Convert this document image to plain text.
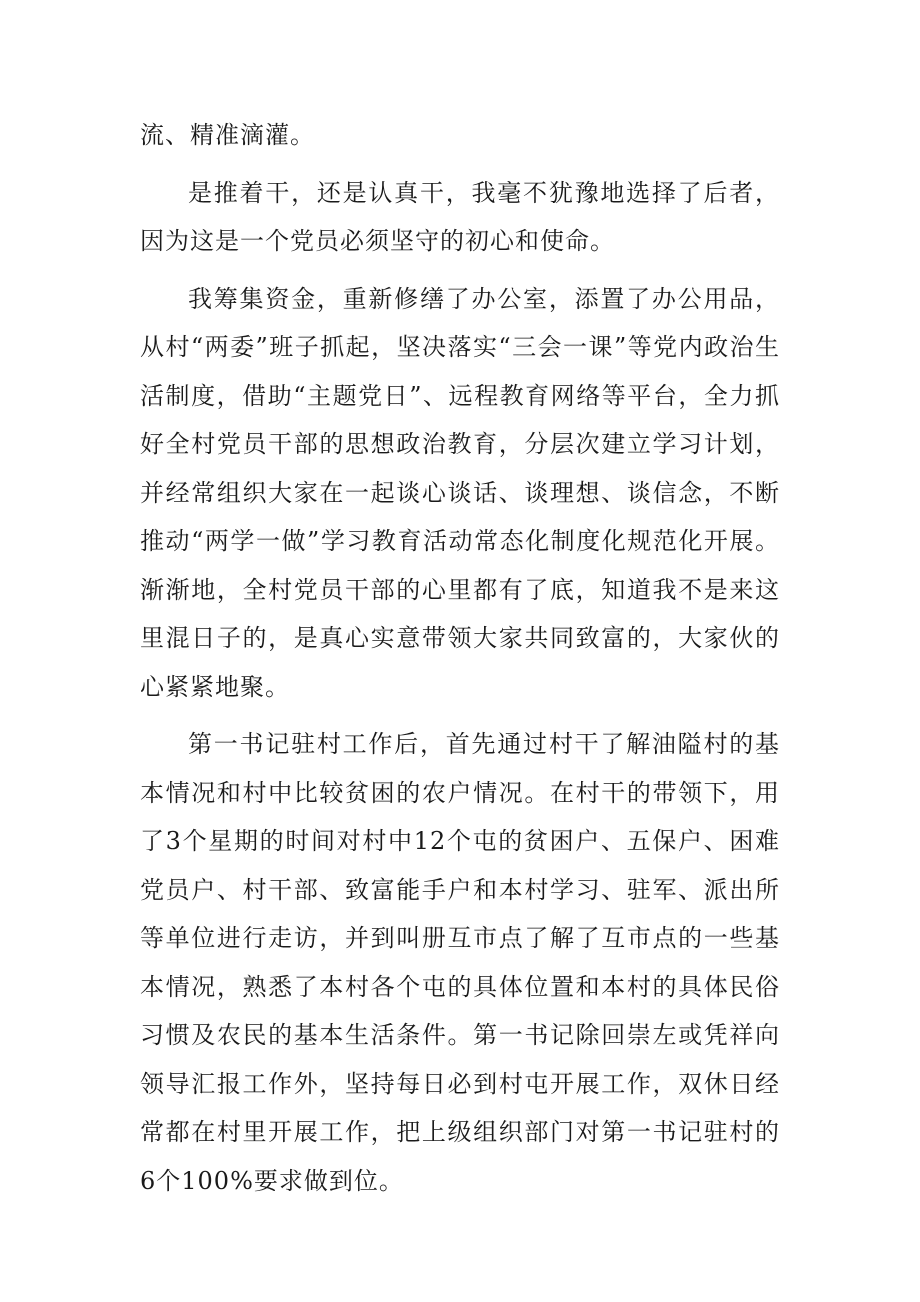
流、精准滴灌。

是推着干，还是认真干，我毫不犹豫地选择了后者，因为这是一个党员必须坚守的初心和使命。

我筹集资金，重新修缮了办公室，添置了办公用品，从村“两委”班子抓起，坚决落实“三会一课”等党内政治生活制度，借助“主题党日”、远程教育网络等平台，全力抓好全村党员干部的思想政治教育，分层次建立学习计划，并经常组织大家在一起谈心谈话、谈理想、谈信念，不断推动“两学一做”学习教育活动常态化制度化规范化开展。渐渐地，全村党员干部的心里都有了底，知道我不是来这里混日子的，是真心实意带领大家共同致富的，大家伙的心紧紧地聚。

第一书记驻村工作后，首先通过村干了解油隘村的基本情况和村中比较贫困的农户情况。在村干的带领下，用了3个星期的时间对村中12个屯的贫困户、五保户、困难党员户、村干部、致富能手户和本村学习、驻军、派出所等单位进行走访，并到叫册互市点了解了互市点的一些基本情况，熟悉了本村各个屯的具体位置和本村的具体民俗习惯及农民的基本生活条件。第一书记除回崇左或凭祥向领导汇报工作外，坚持每日必到村屯开展工作，双休日经常都在村里开展工作，把上级组织部门对第一书记驻村的6个100%要求做到位。
